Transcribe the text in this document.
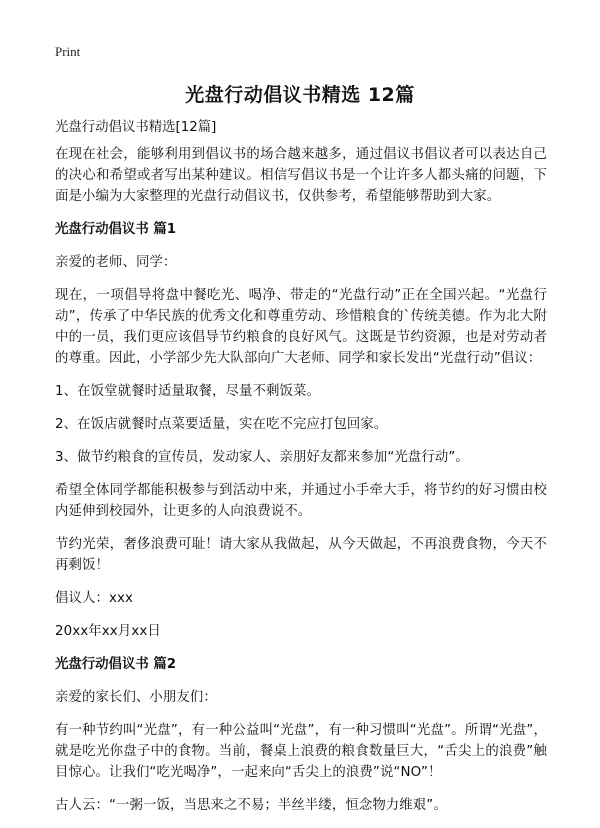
Print
光盘行动倡议书精选 12篇
光盘行动倡议书精选[12篇]

在现在社会，能够利用到倡议书的场合越来越多，通过倡议书倡议者可以表达自己的决心和希望或者写出某种建议。相信写倡议书是一个让许多人都头痛的问题，下面是小编为大家整理的光盘行动倡议书，仅供参考，希望能够帮助到大家。

光盘行动倡议书 篇1

亲爱的老师、同学：

现在，一项倡导将盘中餐吃光、喝净、带走的“光盘行动”正在全国兴起。“光盘行动”，传承了中华民族的优秀文化和尊重劳动、珍惜粮食的`传统美德。作为北大附中的一员，我们更应该倡导节约粮食的良好风气。这既是节约资源，也是对劳动者的尊重。因此，小学部少先大队部向广大老师、同学和家长发出“光盘行动”倡议：

1、在饭堂就餐时适量取餐，尽量不剩饭菜。

2、在饭店就餐时点菜要适量，实在吃不完应打包回家。

3、做节约粮食的宣传员，发动家人、亲朋好友都来参加“光盘行动”。

希望全体同学都能积极参与到活动中来，并通过小手牵大手，将节约的好习惯由校内延伸到校园外，让更多的人向浪费说不。

节约光荣，奢侈浪费可耻！请大家从我做起，从今天做起，不再浪费食物，今天不再剩饭！

倡议人：xxx

20xx年xx月xx日

光盘行动倡议书 篇2

亲爱的家长们、小朋友们：

有一种节约叫“光盘”，有一种公益叫“光盘”，有一种习惯叫“光盘”。所谓“光盘”，就是吃光你盘子中的食物。当前，餐桌上浪费的粮食数量巨大，“舌尖上的浪费”触目惊心。让我们“吃光喝净”，一起来向“舌尖上的浪费”说“NO”！

古人云：“一粥一饭，当思来之不易；半丝半缕，恒念物力维艰”。
